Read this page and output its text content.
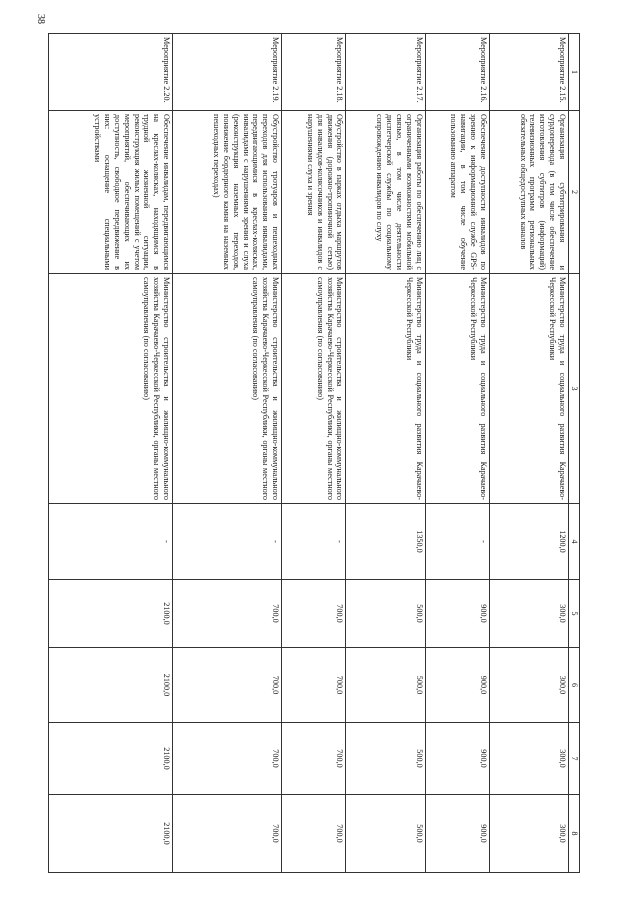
38
1	2	3	4	5	6	7	8
Мероприятие 2.15.	Организация субтитрирования и сурдоперевода (в том числе обеспечение изготовления субтитров (информаций) телевизионных программ региональных обязательных общедоступных каналов	Министерство труда и социального развития Карачаево-Черкесской Республики	1200,0	300,0	300,0	300,0	300,0
Мероприятие 2.16.	Обеспечение доступности инвалидов по зрению к информационной службе GPS-навигации, в том числе обучение пользованию аппаратом	Министерство труда и социального развития Карачаево-Черкесской Республики	-	900,0	900,0	900,0	900,0
Мероприятие 2.17.	Организация работы по обеспечению лиц с ограниченными возможностями мобильной связью, в том числе деятельности диспетчерской службы по социальному сопровождению инвалидов по слуху	Министерство труда и социального развития Карачаево-Черкесской Республики	1350,0	500,0	500,0	500,0	500,0
Мероприятие 2.18.	Обустройство в парках отдыха маршрутов движения (дорожно-тропиночной сетью) для инвалидов-колясочников и инвалидов с нарушениями слуха и зрения	Министерство строительства и жилищно-коммунального хозяйства Карачаево-Черкесской Республики, органы местного самоуправления (по согласованию)	-	700,0	700,0	700,0	700,0
Мероприятие 2.19.	Обустройство тротуаров и пешеходных переходов для использования инвалидами, передвигающимися в креслах-колясках, инвалидами с нарушениями зрения и слуха (реконструкция наземных переходов, понижение бордюрного камня на наземных пешеходных переходах)	Министерство строительства и жилищно-коммунального хозяйства Карачаево-Черкесской Республики, органы местного самоуправления (по согласованию)	-	700,0	700,0	700,0	700,0
Мероприятие 2.20.	Обеспечение инвалидам, передвигающимся на креслах-колясках, находящимся в трудной жизненной ситуации, реконструкция жилых помещений с учетом мероприятий, обеспечивающих их доступность, свободное передвижение в них: оснащение специальными устройствами	Министерство строительства и жилищно-коммунального хозяйства Карачаево-Черкесской Республики, органы местного самоуправления (по согласованию)	-	2100,0	2100,0	2100,0	2100,0
